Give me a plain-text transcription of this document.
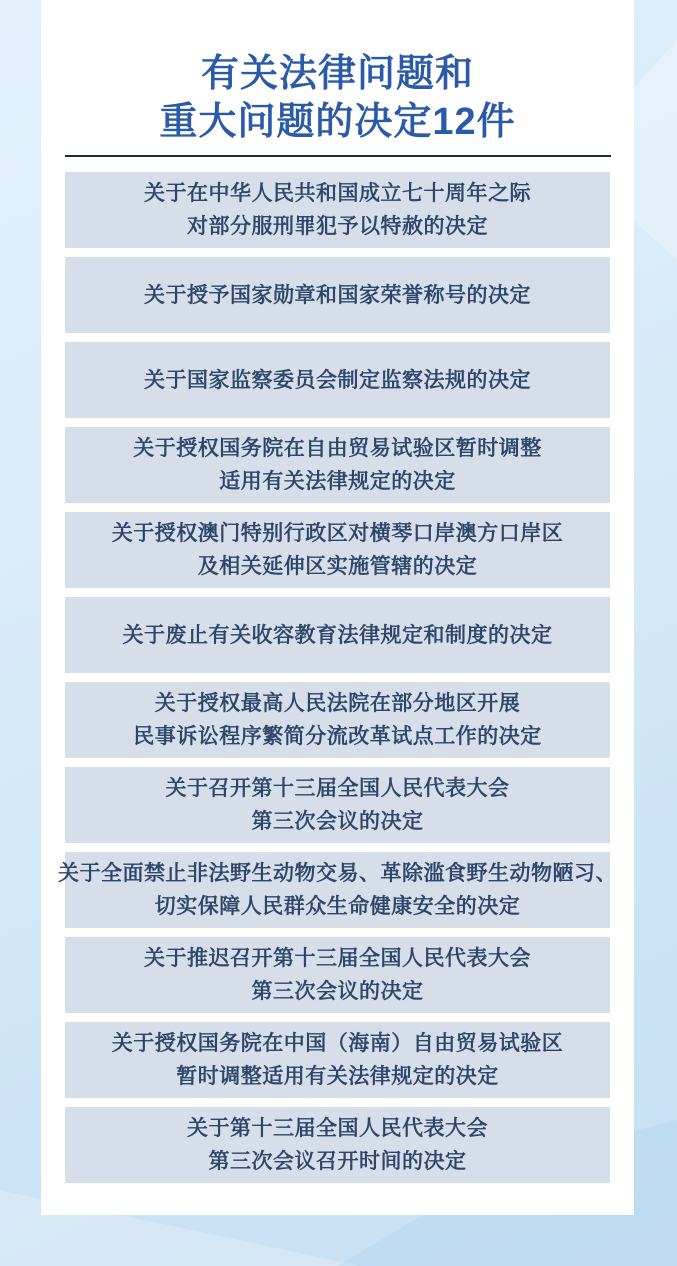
有关法律问题和
重大问题的决定12件
关于在中华人民共和国成立七十周年之际
对部分服刑罪犯予以特赦的决定
关于授予国家勋章和国家荣誉称号的决定
关于国家监察委员会制定监察法规的决定
关于授权国务院在自由贸易试验区暂时调整
适用有关法律规定的决定
关于授权澳门特别行政区对横琴口岸澳方口岸区
及相关延伸区实施管辖的决定
关于废止有关收容教育法律规定和制度的决定
关于授权最高人民法院在部分地区开展
民事诉讼程序繁简分流改革试点工作的决定
关于召开第十三届全国人民代表大会
第三次会议的决定
关于全面禁止非法野生动物交易、革除滥食野生动物陋习、
切实保障人民群众生命健康安全的决定
关于推迟召开第十三届全国人民代表大会
第三次会议的决定
关于授权国务院在中国（海南）自由贸易试验区
暂时调整适用有关法律规定的决定
关于第十三届全国人民代表大会
第三次会议召开时间的决定
